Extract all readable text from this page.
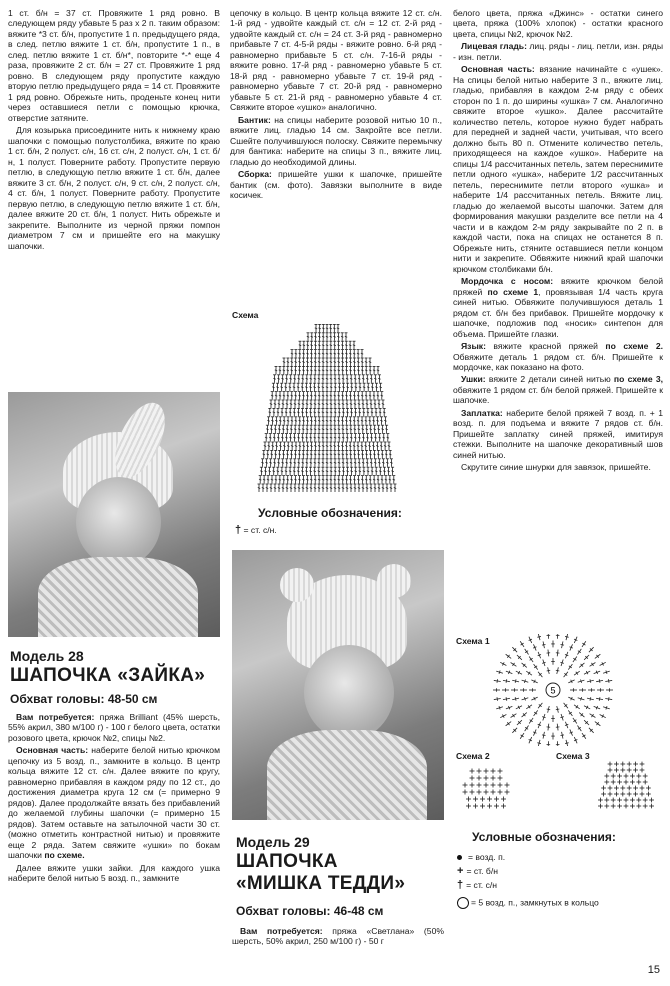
1 ст. б/н = 37 ст. Провяжите 1 ряд ровно. В следующем ряду убавьте 5 раз х 2 п. таким образом: вяжите *3 ст. б/н, пропустите 1 п. предыдущего ряда, в след. петлю вяжите 1 ст. б/н, пропустите 1 п., в след. петлю вяжите 1 ст. б/н*, повторите *-* еще 4 раза, провяжите 2 ст. б/н = 27 ст. Провяжите 1 ряд ровно. В следующем ряду пропустите каждую вторую петлю предыдущего ряда = 14 ст. Провяжите 1 ряд ровно. Обрежьте нить, проденьте конец нити через оставшиеся петли с помощью крючка, отверстие затяните.

Для козырька присоедините нить к нижнему краю шапочки с помощью полустолбика, вяжите по краю 1 ст. б/н, 2 полуст. с/н, 16 ст. с/н, 2 полуст. с/н, 1 ст. б/н, 1 полуст. Поверните работу. Пропустите первую петлю, в следующую петлю вяжите 1 ст. б/н, далее вяжите 3 ст. б/н, 2 полуст. с/н, 9 ст. с/н, 2 полуст. с/н, 4 ст. б/н, 1 полуст. Поверните работу. Пропустите первую петлю, в следующую петлю вяжите 1 ст. б/н, далее вяжите 20 ст. б/н, 1 полуст. Нить обрежьте и закрепите. Выполните из черной пряжи помпон диаметром 7 см и пришейте его на макушку шапочки.

Модель 28
ШАПОЧКА «ЗАЙКА»
Обхват головы: 48-50 см

Вам потребуется: пряжа Brilliant (45% шерсть, 55% акрил, 380 м/100 г) - 100 г белого цвета, остатки розового цвета, крючок №2, спицы №2.

Основная часть: наберите белой нитью крючком цепочку из 5 возд. п., замкните в кольцо. В центр кольца вяжите 12 ст. с/н. Далее вяжите по кругу, равномерно прибавляя в каждом ряду по 12 ст., до достижения диаметра круга 12 см (= примерно 9 рядов). Далее продолжайте вязать без прибавлений до желаемой глубины шапочки (= примерно 15 рядов). Затем оставьте на затылочной части 30 ст. (можно отметить контрастной нитью) и провяжите еще 2 ряда. Затем свяжите «ушки» по бокам шапочки по схеме.

Далее вяжите ушки зайки. Для каждого ушка наберите белой нитью 5 возд. п., замкните

цепочку в кольцо. В центр кольца вяжите 12 ст. с/н. 1-й ряд - удвойте каждый ст. с/н = 12 ст. 2-й ряд - удвойте каждый ст. с/н = 24 ст. 3-й ряд - равномерно прибавьте 7 ст. 4-5-й ряды - вяжите ровно. 6-й ряд - равномерно прибавьте 5 ст. с/н. 7-16-й ряды - вяжите ровно. 17-й ряд - равномерно убавьте 5 ст. 18-й ряд - равномерно убавьте 7 ст. 19-й ряд - равномерно убавьте 7 ст. 20-й ряд - равномерно убавьте 5 ст. 21-й ряд - равномерно убавьте 4 ст. Свяжите второе «ушко» аналогично.

Бантик: на спицы наберите розовой нитью 10 п., вяжите лиц. гладью 14 см. Закройте все петли. Сшейте получившуюся полоску. Свяжите перемычку для бантика: наберите на спицы 3 п., вяжите лиц. гладью до необходимой длины.

Сборка: пришейте ушки к шапочке, пришейте бантик (см. фото). Завязки выполните в виде косичек.

Схема
Условные обозначения:
† = ст. с/н.
Модель 29
ШАПОЧКА
«МИШКА ТЕДДИ»
Обхват головы: 46-48 см

Вам потребуется: пряжа «Светлана» (50% шерсть, 50% акрил, 250 м/100 г) - 50 г

белого цвета, пряжа «Джинс» - остатки синего цвета, пряжа (100% хлопок) - остатки красного цвета, спицы №2, крючок №2.

Лицевая гладь: лиц. ряды - лиц. петли, изн. ряды - изн. петли.

Основная часть: вязание начинайте с «ушек». На спицы белой нитью наберите 3 п., вяжите лиц. гладью, прибавляя в каждом 2-м ряду с обеих сторон по 1 п. до ширины «ушка» 7 см. Аналогично свяжите второе «ушко». Далее рассчитайте количество петель, которое нужно будет набрать для передней и задней части, учитывая, что всего должно быть 80 п. Отмените количество петель, приходящееся на каждое «ушко». Наберите на спицы 1/4 рассчитанных петель, затем переснимите петли одного «ушка», наберите 1/2 рассчитанных петель, переснимите петли второго «ушка» и наберите 1/4 рассчитанных петель. Вяжите лиц. гладью до желаемой высоты шапочки. Затем для формирования макушки разделите все петли на 4 части и в каждом 2-м ряду закрывайте по 2 п. в каждой части, пока на спицах не останется 8 п. Обрежьте нить, стяните оставшиеся петли концом нити и закрепите. Обвяжите нижний край шапочки крючком столбиками б/н.

Мордочка с носом: вяжите крючком белой пряжей по схеме 1, провязывая 1/4 часть круга синей нитью. Обвяжите получившуюся деталь 1 рядом ст. б/н без прибавок. Пришейте мордочку к шапочке, подложив под «носик» синтепон для объема. Пришейте глазки.

Язык: вяжите красной пряжей по схеме 2. Обвяжите деталь 1 рядом ст. б/н. Пришейте к мордочке, как показано на фото.

Ушки: вяжите 2 детали синей нитью по схеме 3, обвяжите 1 рядом ст. б/н белой пряжей. Пришейте к шапочке.

Заплатка: наберите белой пряжей 7 возд. п. + 1 возд. п. для подъема и вяжите 7 рядов ст. б/н. Пришейте заплатку синей пряжей, имитируя стежки. Выполните на шапочке декоративный шов синей нитью.

Скрутите синие шнурки для завязок, пришейте.

Схема 1
5
Схема 2	Схема 3
Условные обозначения:
= возд. п.
+ = ст. б/н
† = ст. с/н
= 5 возд. п., замкнутых в кольцо
15
